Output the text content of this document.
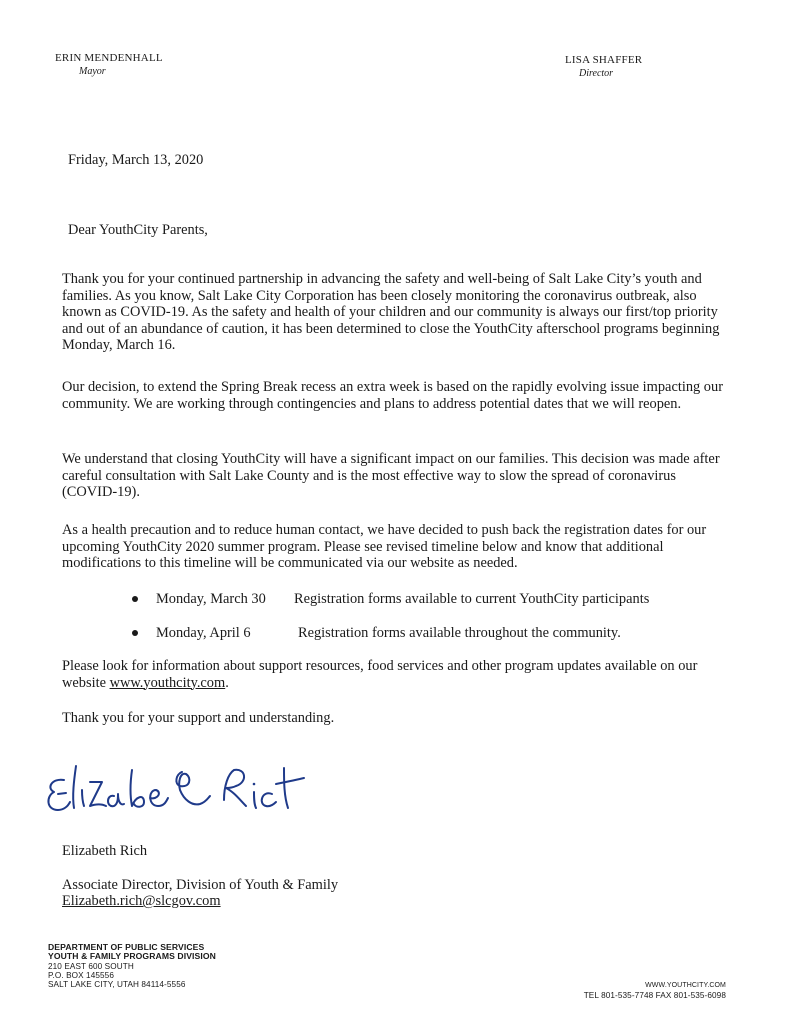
ERIN MENDENHALL
Mayor
LISA SHAFFER
Director
Friday, March 13, 2020
Dear YouthCity Parents,
Thank you for your continued partnership in advancing the safety and well-being of Salt Lake City’s youth and families. As you know, Salt Lake City Corporation has been closely monitoring the coronavirus outbreak, also known as COVID-19. As the safety and health of your children and our community is always our first/top priority and out of an abundance of caution, it has been determined to close the YouthCity afterschool programs beginning Monday, March 16.
Our decision, to extend the Spring Break recess an extra week is based on the rapidly evolving issue impacting our community. We are working through contingencies and plans to address potential dates that we will reopen.
We understand that closing YouthCity will have a significant impact on our families. This decision was made after careful consultation with Salt Lake County and is the most effective way to slow the spread of coronavirus (COVID-19).
As a health precaution and to reduce human contact, we have decided to push back the registration dates for our upcoming YouthCity 2020 summer program. Please see revised timeline below and know that additional modifications to this timeline will be communicated via our website as needed.
Monday, March 30 Registration forms available to current YouthCity participants
Monday, April 6	Registration forms available throughout the community.
Please look for information about support resources, food services and other program updates available on our website www.youthcity.com.
Thank you for your support and understanding.
Elizabeth Rich
Associate Director, Division of Youth & Family
Elizabeth.rich@slcgov.com
DEPARTMENT OF PUBLIC SERVICES
YOUTH & FAMILY PROGRAMS DIVISION
210 EAST 600 SOUTH
P.O. BOX 145556
SALT LAKE CITY, UTAH 84114-5556	WWW.YOUTHCITY.COM
TEL 801-535-7748 FAX 801-535-6098
